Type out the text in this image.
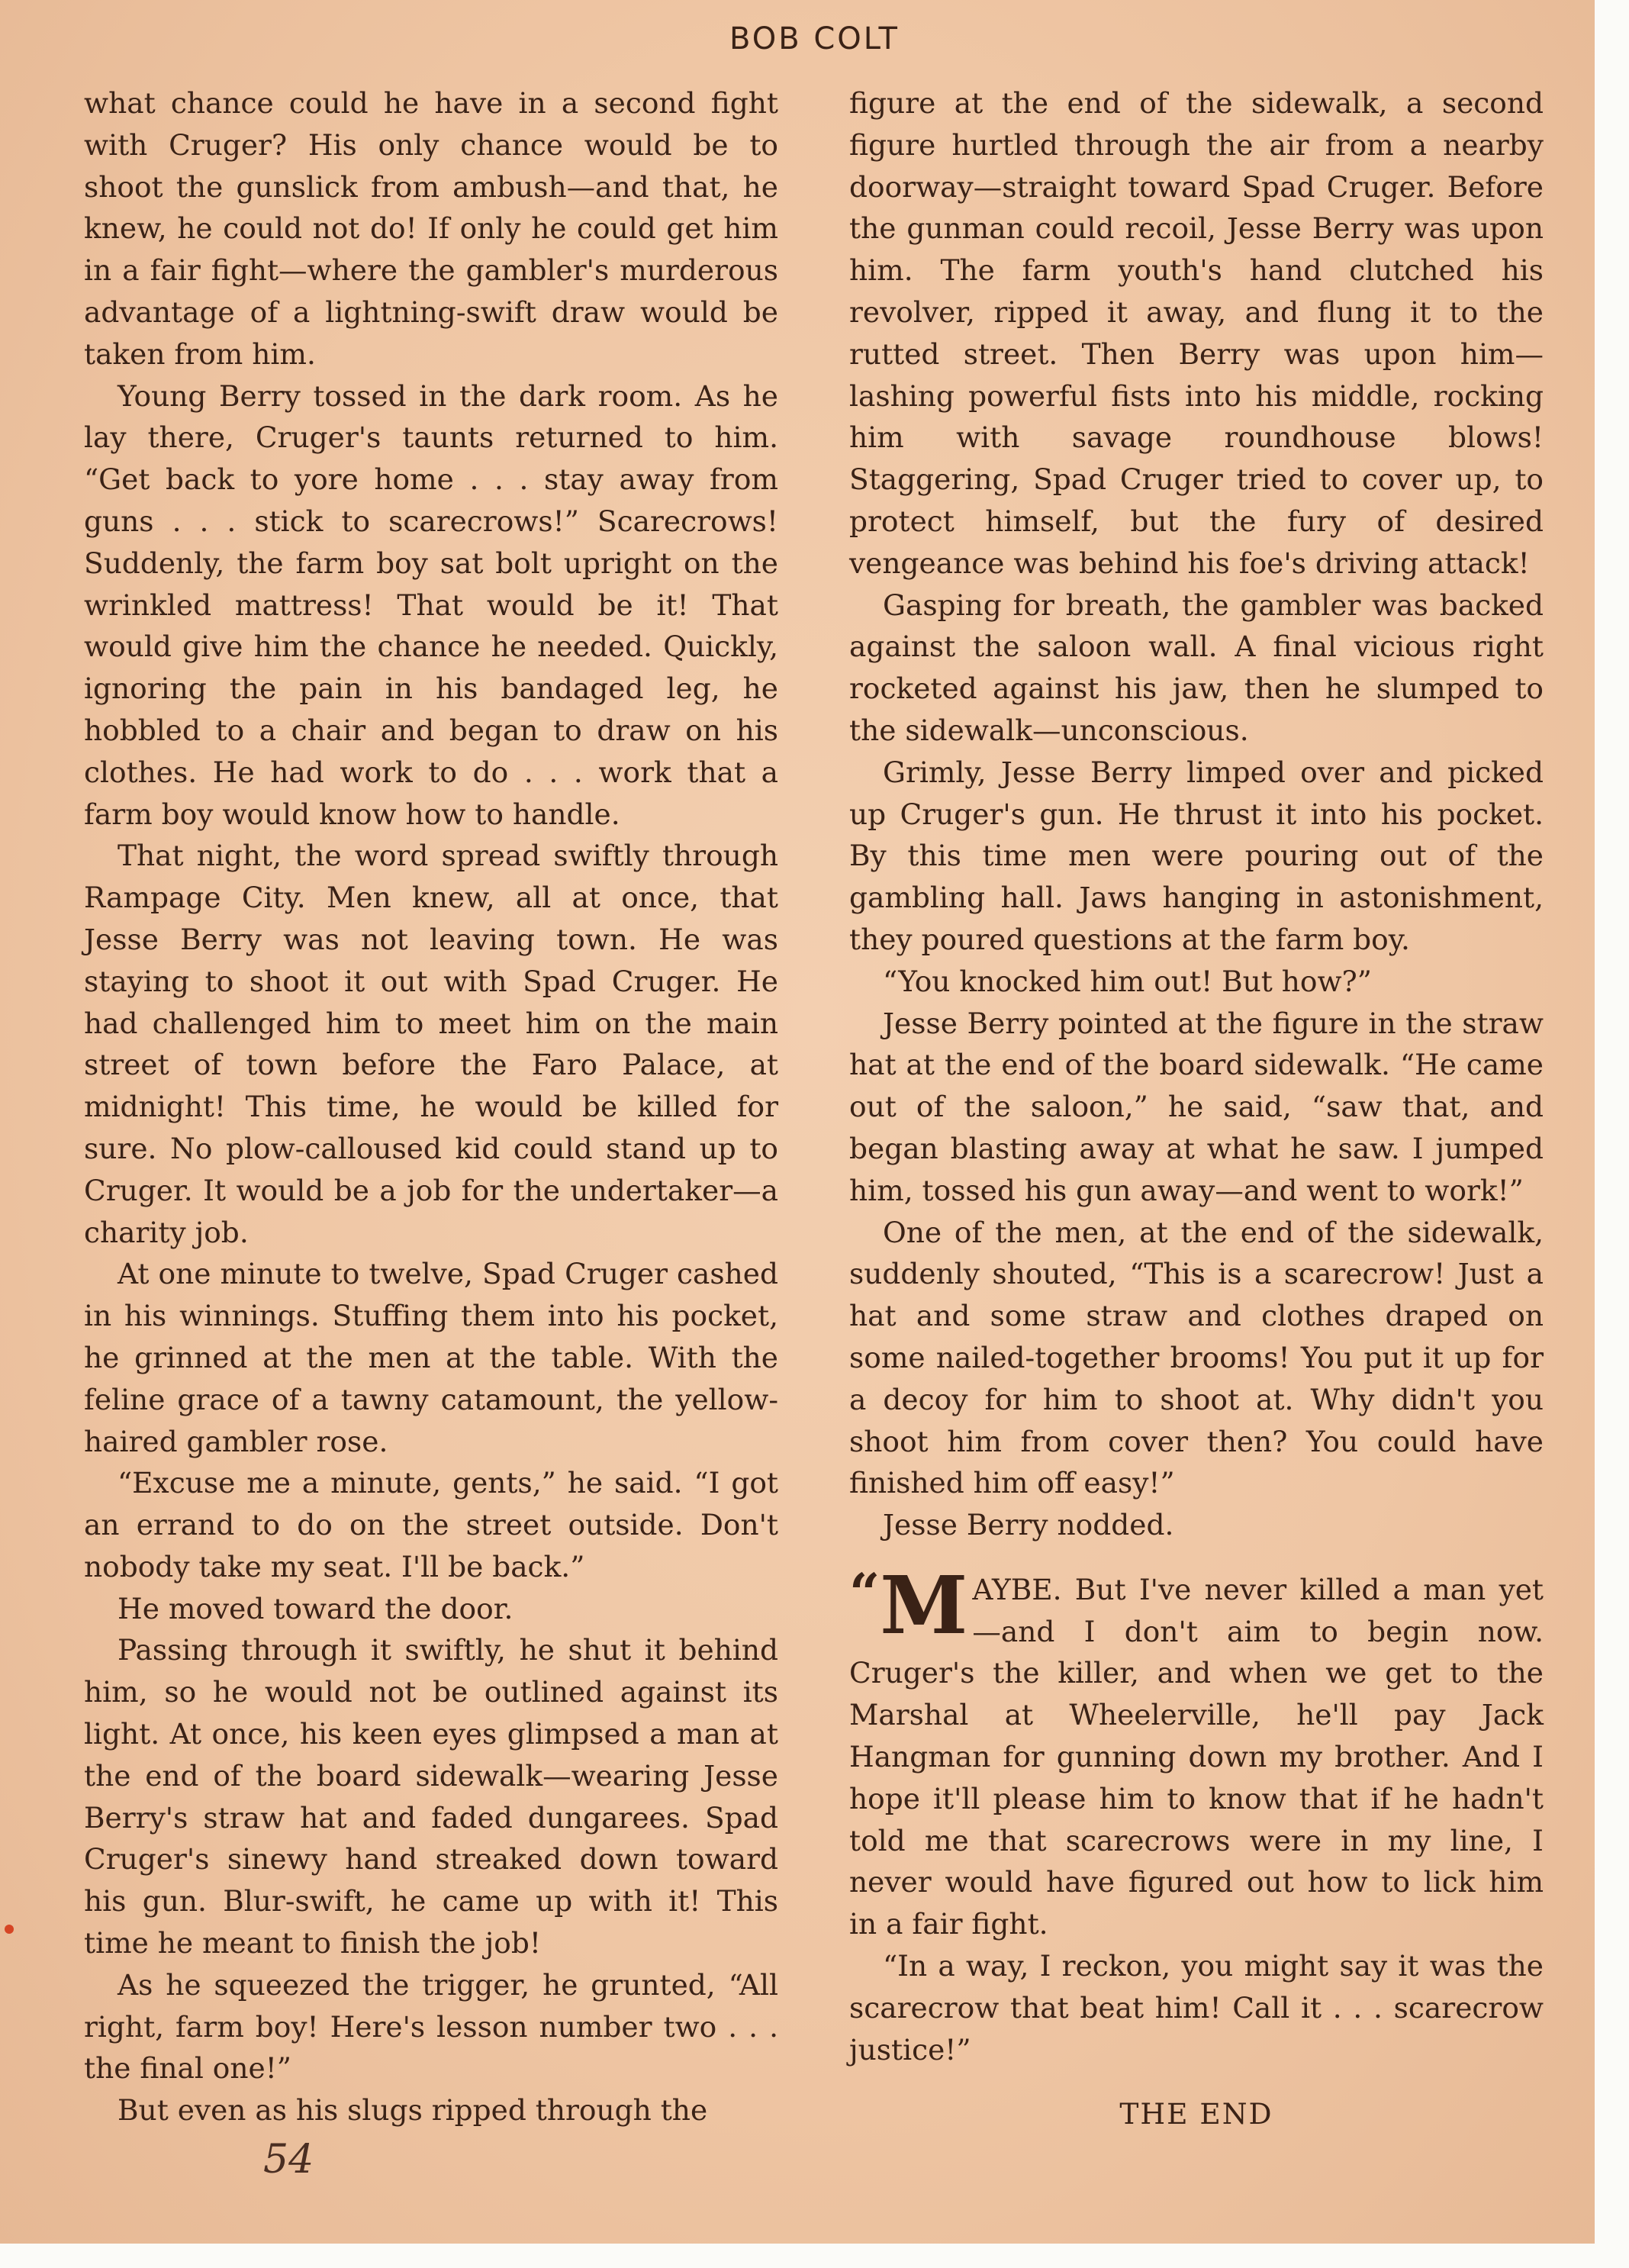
BOB COLT

what chance could he have in a second fight with Cruger? His only chance would be to shoot the gunslick from ambush—and that, he knew, he could not do! If only he could get him in a fair fight—where the gambler's murderous advantage of a lightning-swift draw would be taken from him.

Young Berry tossed in the dark room. As he lay there, Cruger's taunts returned to him. “Get back to yore home . . . stay away from guns . . . stick to scarecrows!” Scarecrows! Suddenly, the farm boy sat bolt upright on the wrinkled mattress! That would be it! That would give him the chance he needed. Quickly, ignoring the pain in his bandaged leg, he hobbled to a chair and began to draw on his clothes. He had work to do . . . work that a farm boy would know how to handle.

That night, the word spread swiftly through Rampage City. Men knew, all at once, that Jesse Berry was not leaving town. He was staying to shoot it out with Spad Cruger. He had challenged him to meet him on the main street of town before the Faro Palace, at midnight! This time, he would be killed for sure. No plow-calloused kid could stand up to Cruger. It would be a job for the undertaker—a charity job.

At one minute to twelve, Spad Cruger cashed in his winnings. Stuffing them into his pocket, he grinned at the men at the table. With the feline grace of a tawny catamount, the yellow-haired gambler rose.

“Excuse me a minute, gents,” he said. “I got an errand to do on the street outside. Don't nobody take my seat. I'll be back.”

He moved toward the door.

Passing through it swiftly, he shut it behind him, so he would not be outlined against its light. At once, his keen eyes glimpsed a man at the end of the board sidewalk—wearing Jesse Berry's straw hat and faded dungarees. Spad Cruger's sinewy hand streaked down toward his gun. Blur-swift, he came up with it! This time he meant to finish the job!

As he squeezed the trigger, he grunted, “All right, farm boy! Here's lesson number two . . . the final one!”

But even as his slugs ripped through the

figure at the end of the sidewalk, a second figure hurtled through the air from a nearby doorway—straight toward Spad Cruger. Before the gunman could recoil, Jesse Berry was upon him. The farm youth's hand clutched his revolver, ripped it away, and flung it to the rutted street. Then Berry was upon him—lashing powerful fists into his middle, rocking him with savage roundhouse blows! Staggering, Spad Cruger tried to cover up, to protect himself, but the fury of desired vengeance was behind his foe's driving attack!

Gasping for breath, the gambler was backed against the saloon wall. A final vicious right rocketed against his jaw, then he slumped to the sidewalk—unconscious.

Grimly, Jesse Berry limped over and picked up Cruger's gun. He thrust it into his pocket. By this time men were pouring out of the gambling hall. Jaws hanging in astonishment, they poured questions at the farm boy.

“You knocked him out! But how?”

Jesse Berry pointed at the figure in the straw hat at the end of the board sidewalk. “He came out of the saloon,” he said, “saw that, and began blasting away at what he saw. I jumped him, tossed his gun away—and went to work!”

One of the men, at the end of the sidewalk, suddenly shouted, “This is a scarecrow! Just a hat and some straw and clothes draped on some nailed-together brooms! You put it up for a decoy for him to shoot at. Why didn't you shoot him from cover then? You could have finished him off easy!”

Jesse Berry nodded.

“M AYBE. But I've never killed a man yet—and I don't aim to begin now. Cruger's the killer, and when we get to the Marshal at Wheelerville, he'll pay Jack Hangman for gunning down my brother. And I hope it'll please him to know that if he hadn't told me that scarecrows were in my line, I never would have figured out how to lick him in a fair fight.

“In a way, I reckon, you might say it was the scarecrow that beat him! Call it . . . scarecrow justice!”

THE END

54
